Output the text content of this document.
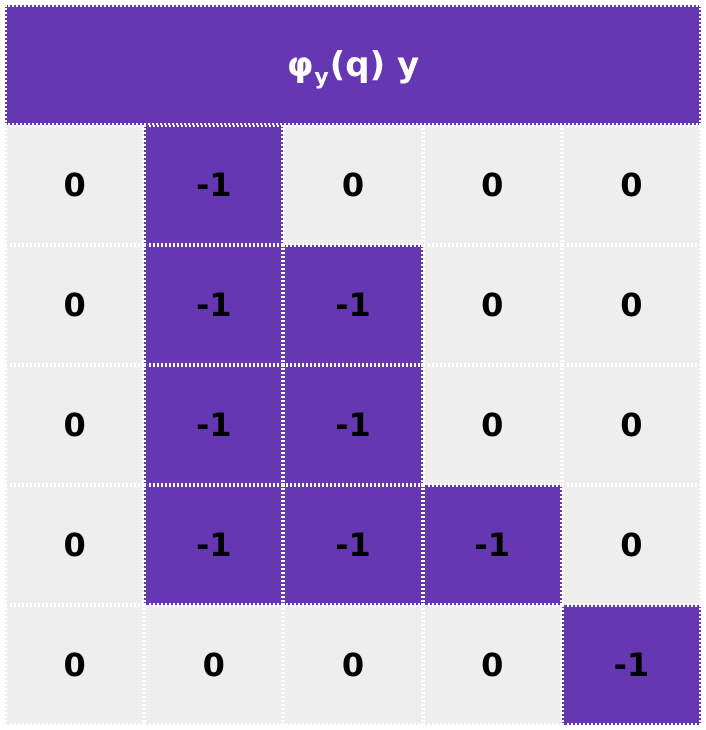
φ y (q) y
0	-1	0	0	0
0	-1	-1	0	0
0	-1	-1	0	0
0	-1	-1	-1	0
0	0	0	0	-1
